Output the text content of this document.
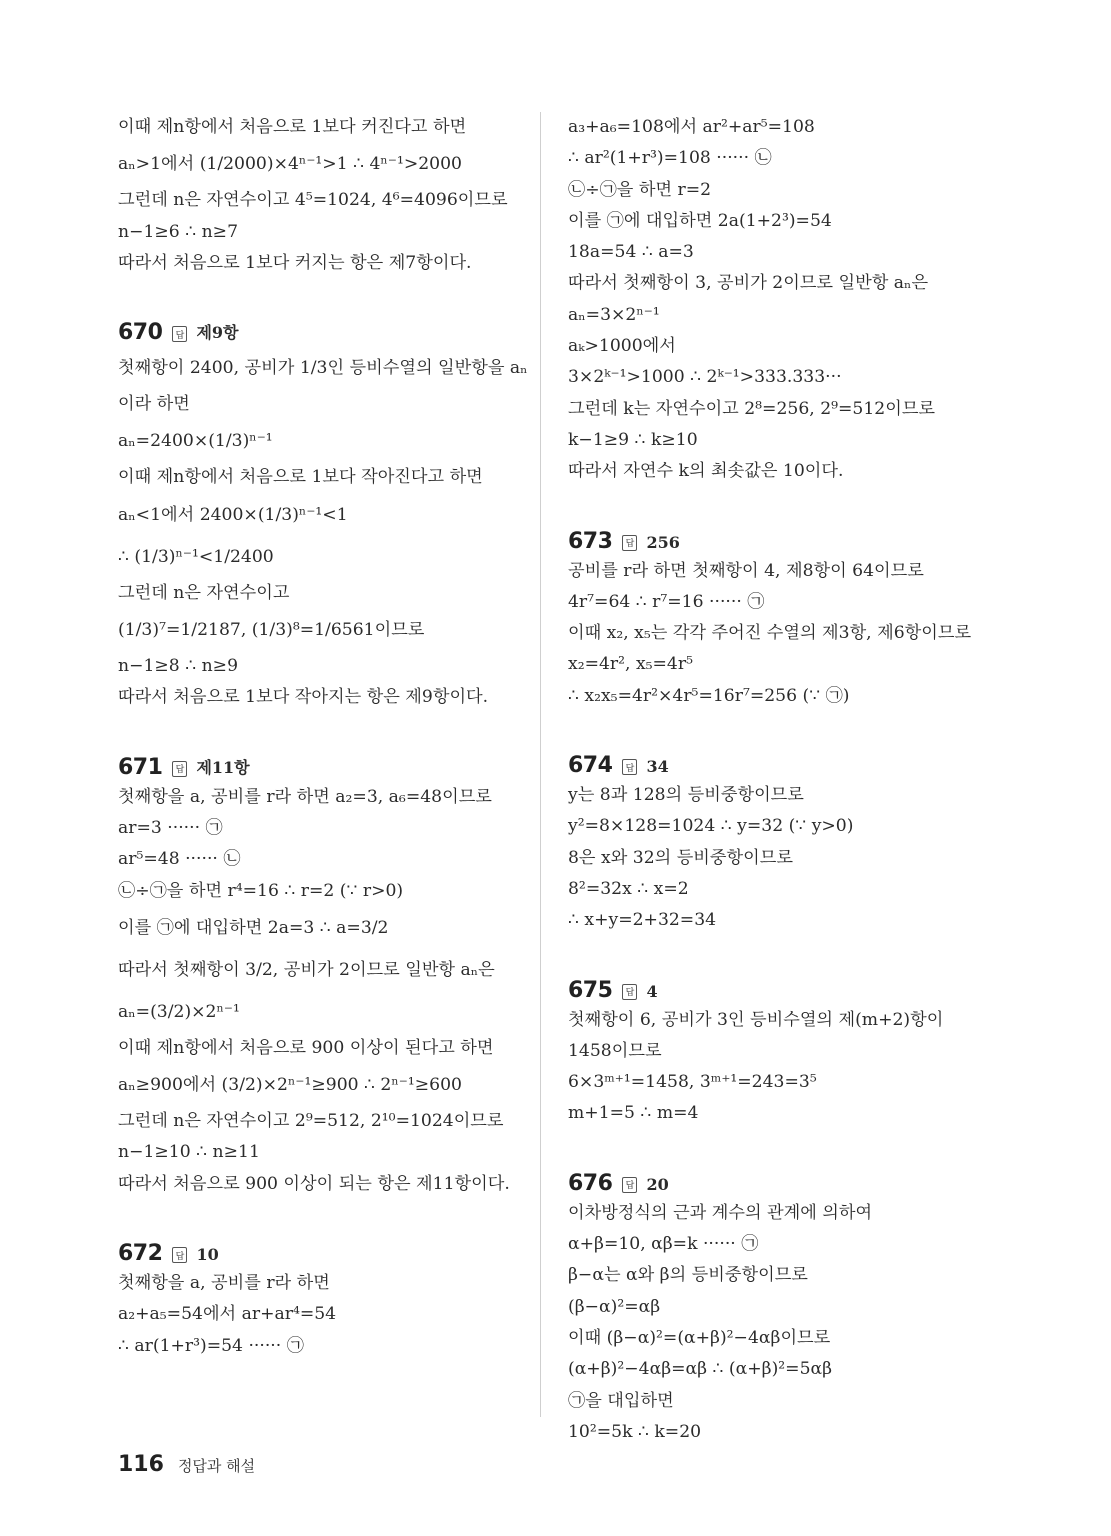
이때 제n항에서 처음으로 1보다 커진다고 하면
aₙ>1에서 (1/2000)×4ⁿ⁻¹>1 ∴ 4ⁿ⁻¹>2000
그런데 n은 자연수이고 4⁵=1024, 4⁶=4096이므로
n−1≥6 ∴ n≥7
따라서 처음으로 1보다 커지는 항은 제7항이다.
670	답 제9항
첫째항이 2400, 공비가 1/3인 등비수열의 일반항을 aₙ
이라 하면
aₙ=2400×(1/3)ⁿ⁻¹
이때 제n항에서 처음으로 1보다 작아진다고 하면
aₙ<1에서 2400×(1/3)ⁿ⁻¹<1
∴ (1/3)ⁿ⁻¹<1/2400
그런데 n은 자연수이고
(1/3)⁷=1/2187, (1/3)⁸=1/6561이므로
n−1≥8 ∴ n≥9
따라서 처음으로 1보다 작아지는 항은 제9항이다.
671	답 제11항
첫째항을 a, 공비를 r라 하면 a₂=3, a₆=48이므로
ar=3 ······ ㉠
ar⁵=48 ······ ㉡
㉡÷㉠을 하면 r⁴=16 ∴ r=2 (∵ r>0)
이를 ㉠에 대입하면 2a=3 ∴ a=3/2
따라서 첫째항이 3/2, 공비가 2이므로 일반항 aₙ은
aₙ=(3/2)×2ⁿ⁻¹
이때 제n항에서 처음으로 900 이상이 된다고 하면
aₙ≥900에서 (3/2)×2ⁿ⁻¹≥900 ∴ 2ⁿ⁻¹≥600
그런데 n은 자연수이고 2⁹=512, 2¹⁰=1024이므로
n−1≥10 ∴ n≥11
따라서 처음으로 900 이상이 되는 항은 제11항이다.
672	답 10
첫째항을 a, 공비를 r라 하면
a₂+a₅=54에서 ar+ar⁴=54
∴ ar(1+r³)=54 ······ ㉠
a₃+a₆=108에서 ar²+ar⁵=108
∴ ar²(1+r³)=108 ······ ㉡
㉡÷㉠을 하면 r=2
이를 ㉠에 대입하면 2a(1+2³)=54
18a=54 ∴ a=3
따라서 첫째항이 3, 공비가 2이므로 일반항 aₙ은
aₙ=3×2ⁿ⁻¹
aₖ>1000에서
3×2ᵏ⁻¹>1000 ∴ 2ᵏ⁻¹>333.333···
그런데 k는 자연수이고 2⁸=256, 2⁹=512이므로
k−1≥9 ∴ k≥10
따라서 자연수 k의 최솟값은 10이다.
673	답 256
공비를 r라 하면 첫째항이 4, 제8항이 64이므로
4r⁷=64 ∴ r⁷=16 ······ ㉠
이때 x₂, x₅는 각각 주어진 수열의 제3항, 제6항이므로
x₂=4r², x₅=4r⁵
∴ x₂x₅=4r²×4r⁵=16r⁷=256 (∵ ㉠)
674	답 34
y는 8과 128의 등비중항이므로
y²=8×128=1024 ∴ y=32 (∵ y>0)
8은 x와 32의 등비중항이므로
8²=32x ∴ x=2
∴ x+y=2+32=34
675	답 4
첫째항이 6, 공비가 3인 등비수열의 제(m+2)항이
1458이므로
6×3ᵐ⁺¹=1458, 3ᵐ⁺¹=243=3⁵
m+1=5 ∴ m=4
676	답 20
이차방정식의 근과 계수의 관계에 의하여
α+β=10, αβ=k ······ ㉠
β−α는 α와 β의 등비중항이므로
(β−α)²=αβ
이때 (β−α)²=(α+β)²−4αβ이므로
(α+β)²−4αβ=αβ ∴ (α+β)²=5αβ
㉠을 대입하면
10²=5k ∴ k=20
116 정답과 해설
